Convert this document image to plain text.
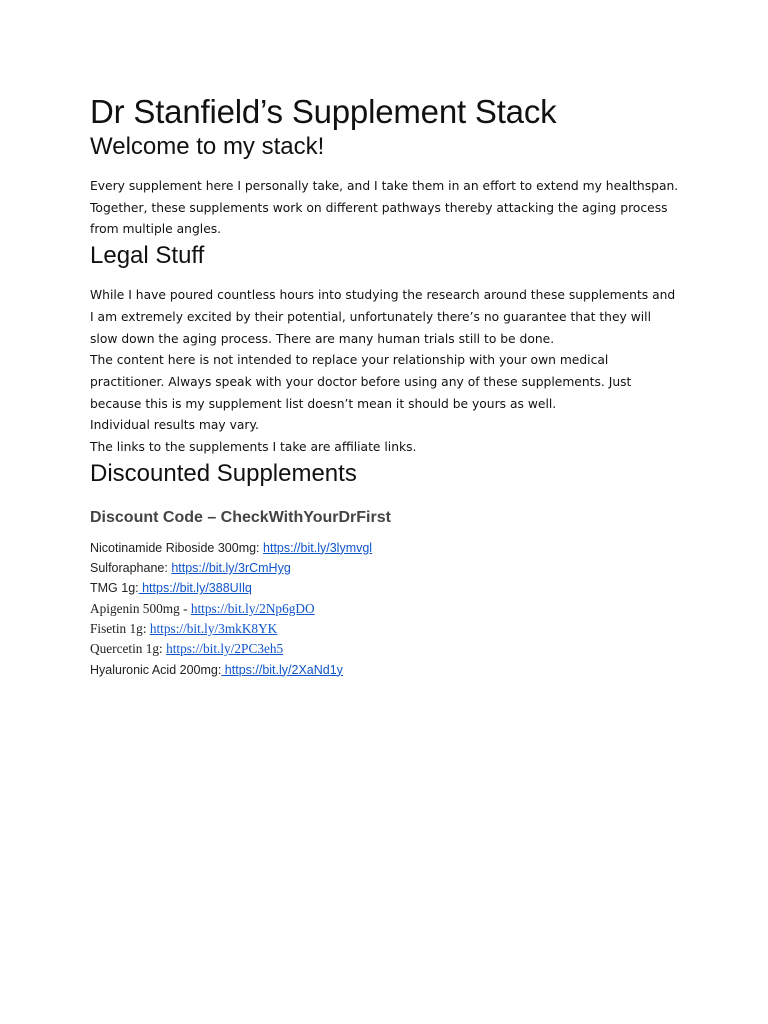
Dr Stanfield’s Supplement Stack
Welcome to my stack!

Every supplement here I personally take, and I take them in an effort to extend my healthspan. Together, these supplements work on different pathways thereby attacking the aging process from multiple angles.

Legal Stuff
While I have poured countless hours into studying the research around these supplements and I am extremely excited by their potential, unfortunately there’s no guarantee that they will slow down the aging process. There are many human trials still to be done.
The content here is not intended to replace your relationship with your own medical practitioner. Always speak with your doctor before using any of these supplements. Just because this is my supplement list doesn’t mean it should be yours as well.
Individual results may vary.
The links to the supplements I take are affiliate links.
Discounted Supplements
Discount Code – CheckWithYourDrFirst
Nicotinamide Riboside 300mg: https://bit.ly/3lymvgl
Sulforaphane: https://bit.ly/3rCmHyg
TMG 1g: https://bit.ly/388UIlq
Apigenin 500mg - https://bit.ly/2Np6gDO
Fisetin 1g: https://bit.ly/3mkK8YK
Quercetin 1g: https://bit.ly/2PC3eh5
Hyaluronic Acid 200mg: https://bit.ly/2XaNd1y
